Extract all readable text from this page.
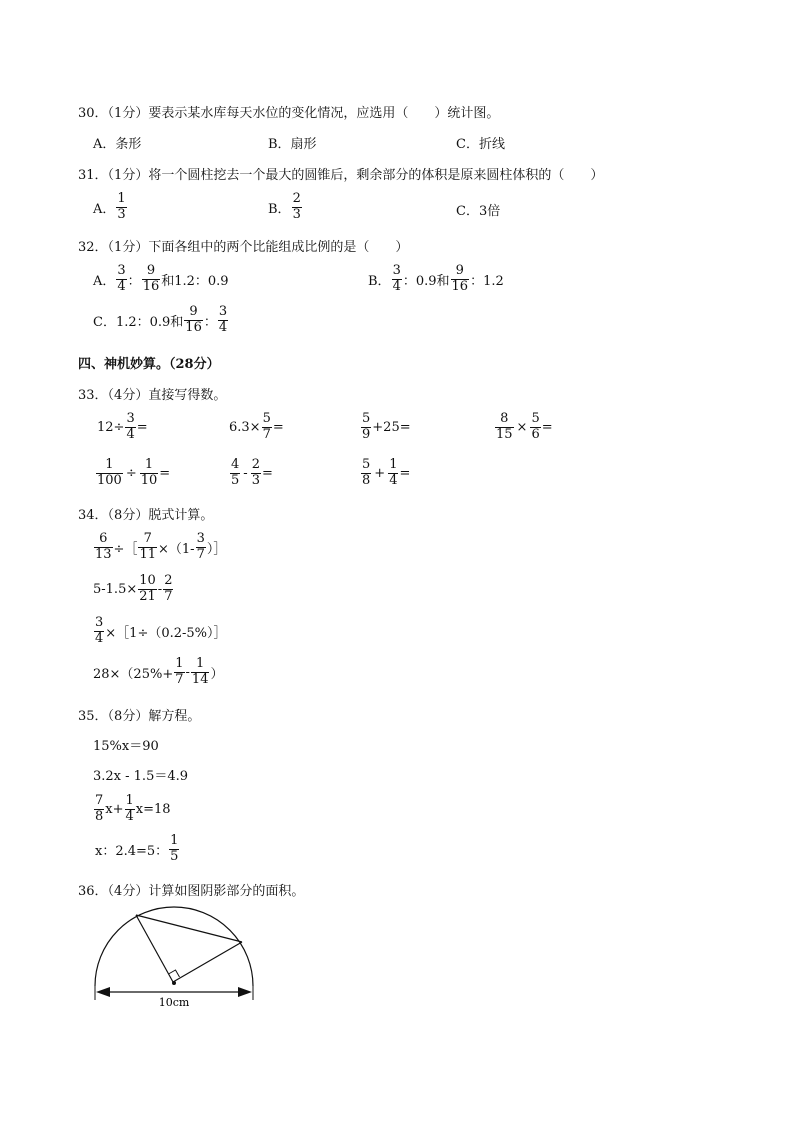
30．（1分）要表示某水库每天水位的变化情况，应选用（　　）统计图。
A．条形	B．扇形	C．折线
31．（1分）将一个圆柱挖去一个最大的圆锥后，剩余部分的体积是原来圆柱体积的（　　）
A． $\frac{1}{3}$	B． $\frac{2}{3}$	C．3倍
32．（1分）下面各组中的两个比能组成比例的是（　　）
A． $\frac{3}{4}$ ： $\frac{9}{16}$ 和1.2：0.9	B． $\frac{3}{4}$ ：0.9和 $\frac{9}{16}$ ：1.2
C．1.2：0.9和 $\frac{9}{16}$ ： $\frac{3}{4}$
四、神机妙算。（28分）
33．（4分）直接写得数。
$12\div \frac{3}{4}$ =	$6.3\times \frac{5}{7}$ =	$\frac{5}{9} +25=$	$\frac{8}{15} \times \frac{5}{6}$ =
$\frac{1}{100} \div \frac{1}{10}$ =	$\frac{4}{5} - \frac{2}{3}$ =	$\frac{5}{8} + \frac{1}{4}$ =
34．（8分）脱式计算。
$\frac{6}{13}$ ÷［ $\frac{7}{11} \times(1- \frac{3}{7}$ ）］
$5-1.5\times \frac{10}{21} - \frac{2}{7}$
$\frac{3}{4}$ ×［1÷（0.2-5%）］
$28\times(25\%+ \frac{1}{7} - \frac{1}{14}$ ）
35．（8分）解方程。
15%x＝90
3.2x - 1.5＝4.9
$\frac{7}{8} x+ \frac{1}{4} x=18$
x：2.4=5： $\frac{1}{5}$
36．（4分）计算如图阴影部分的面积。
10cm
